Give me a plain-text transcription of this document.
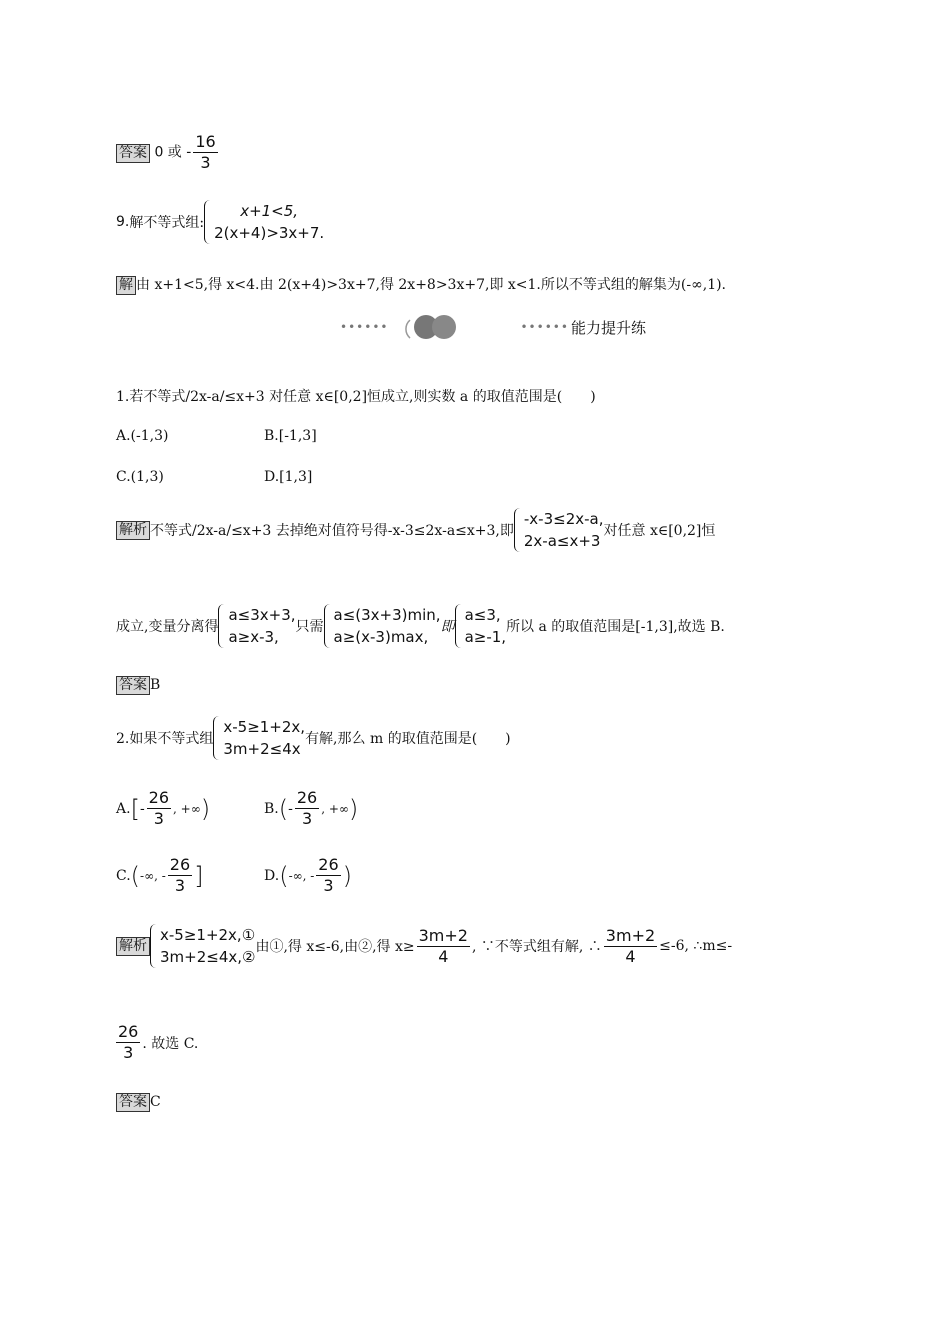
答案 0 或 - $\frac{16}{3}$
9. 解不等式组:
x+1<5,
2(x+4)>3x+7.
解 由 x+1<5,得 x<4.由 2(x+4)>3x+7,得 2x+8>3x+7,即 x<1.所以不等式组的解集为(-∞,1).
••••••	•••••• 能力提升练
1.若不等式/2x-a/≤x+3 对任意 x∈[0,2]恒成立,则实数 a 的取值范围是(　　)
A.(-1,3)	B.[-1,3]
C.(1,3)	D.[1,3]
解析 不等式/2x-a/≤x+3 去掉绝对值符号得-x-3≤2x-a≤x+3,即
-x-3≤2x-a,
2x-a≤x+3
对任意 x∈[0,2]恒
成立,变量分离得
a≤3x+3,
a≥x-3,
只需
a≤(3x+3)min,
a≥(x-3)max,
即
a≤3,
a≥-1,
所以 a 的取值范围是[-1,3],故选 B.
答案 B
2.如果不等式组
x-5≥1+2x,
3m+2≤4x
有解,那么 m 的取值范围是(　　)
A. [ - $\frac{26}{3}$ , +∞ )	B. ( - $\frac{26}{3}$ , +∞ )
C. ( -∞, - $\frac{26}{3}$ ]	D. ( -∞, - $\frac{26}{3}$ )
解析
x-5≥1+2x,①
3m+2≤4x,②
由①,得 x≤-6,由②,得 $x\ge \frac{3m+2}{4}$ , ∵不等式组有解, ∴ $\frac{3m+2}{4} \le-6$, ∴m≤-
$\frac{26}{3}$ . 故选 C.
答案 C
